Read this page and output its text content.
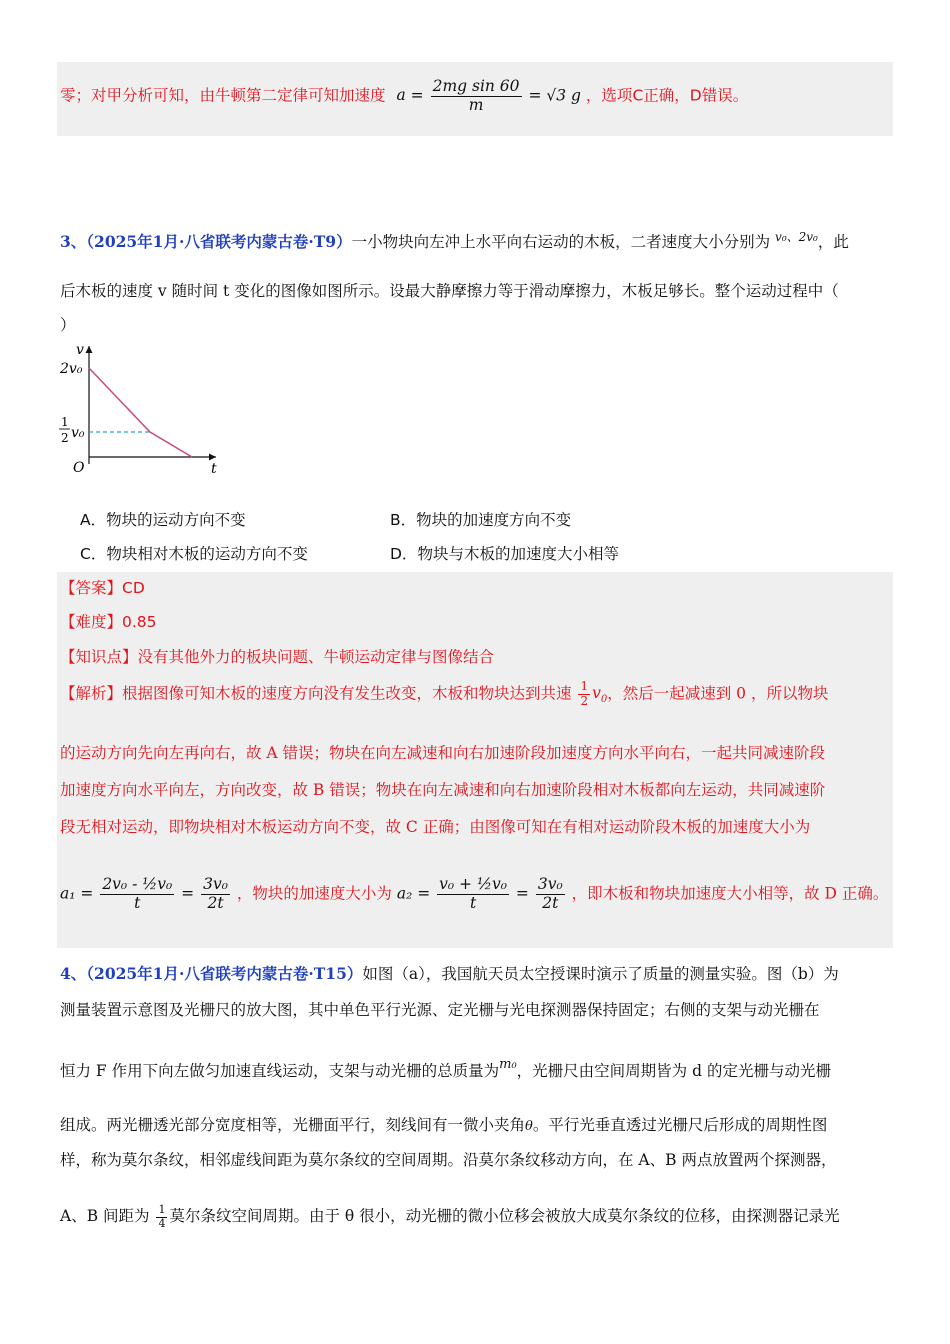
零；对甲分析可知，由牛顿第二定律可知加速度 $a = \frac{\text{2mg sin 60}}{m} = √3$ g ，选项C正确，D错误。
3、（2025年1月·八省联考内蒙古卷·T9）一小物块向左冲上水平向右运动的木板，二者速度大小分别为 $^{v_0、2v_0}$，此
后木板的速度 v 随时间 t 变化的图像如图所示。设最大静摩擦力等于滑动摩擦力，木板足够长。整个运动过程中（
）
v
t
O
2v₀
1
2 v₀
A．物块的运动方向不变	B．物块的加速度方向不变
C．物块相对木板的运动方向不变	D．物块与木板的加速度大小相等
【答案】CD
【难度】0.85
【知识点】没有其他外力的板块问题、牛顿运动定律与图像结合
【解析】根据图像可知木板的速度方向没有发生改变，木板和物块达到共速 $\frac{1}{2} v_0$，然后一起减速到 0 ，所以物块
的运动方向先向左再向右，故 A 错误；物块在向左减速和向右加速阶段加速度方向水平向右，一起共同减速阶段
加速度方向水平向左，方向改变，故 B 错误；物块在向左减速和向右加速阶段相对木板都向左运动，共同减速阶
段无相对运动，即物块相对木板运动方向不变，故 C 正确；由图像可知在有相对运动阶段木板的加速度大小为
$a_1 = \frac{\text{2v₀ - ½v₀}}{t} = \frac{\text{3v₀}}{2t}$ ，物块的加速度大小为 $a_2 = \frac{\text{v₀ + ½v₀}}{t} = \frac{\text{3v₀}}{2t}$ ，即木板和物块加速度大小相等，故 D 正确。
4、（2025年1月·八省联考内蒙古卷·T15）如图（a），我国航天员太空授课时演示了质量的测量实验。图（b）为
测量装置示意图及光栅尺的放大图，其中单色平行光源、定光栅与光电探测器保持固定；右侧的支架与动光栅在
恒力 F 作用下向左做匀加速直线运动，支架与动光栅的总质量为$^{m_0}$，光栅尺由空间周期皆为 d 的定光栅与动光栅
组成。两光栅透光部分宽度相等，光栅面平行，刻线间有一微小夹角θ。平行光垂直透过光栅尺后形成的周期性图
样，称为莫尔条纹，相邻虚线间距为莫尔条纹的空间周期。沿莫尔条纹移动方向，在 A、B 两点放置两个探测器，
A、B 间距为 $\frac{1}{4}$ 莫尔条纹空间周期。由于 θ 很小，动光栅的微小位移会被放大成莫尔条纹的位移，由探测器记录光
